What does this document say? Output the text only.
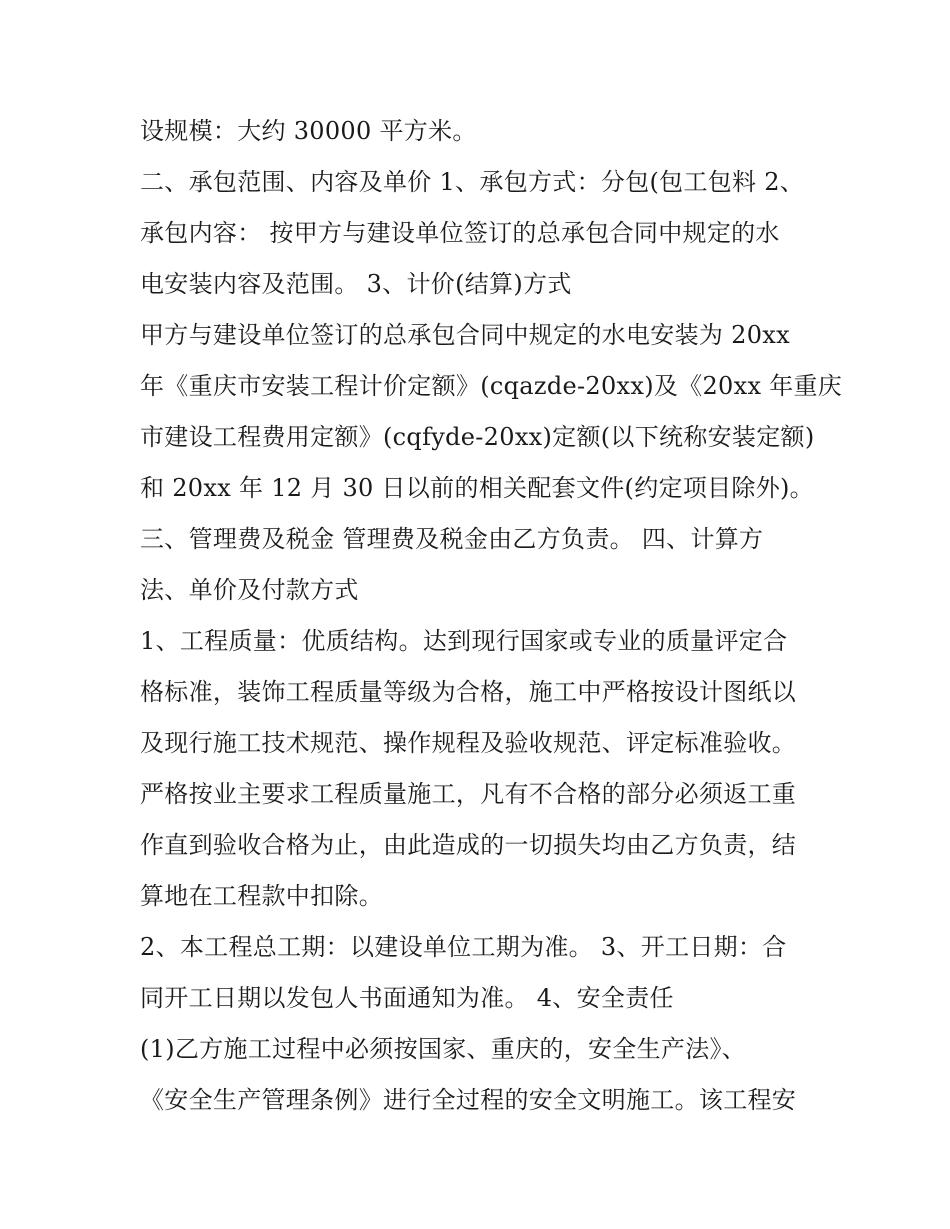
设规模：大约 30000 平方米。
二、承包范围、内容及单价 1、承包方式：分包(包工包料 2、
承包内容： 按甲方与建设单位签订的总承包合同中规定的水
电安装内容及范围。 3、计价(结算)方式
甲方与建设单位签订的总承包合同中规定的水电安装为 20xx
年《重庆市安装工程计价定额》(cqazde-20xx)及《20xx 年重庆
市建设工程费用定额》(cqfyde-20xx)定额(以下统称安装定额)
和 20xx 年 12 月 30 日以前的相关配套文件(约定项目除外)。
三、管理费及税金 管理费及税金由乙方负责。 四、计算方
法、单价及付款方式
1、工程质量：优质结构。达到现行国家或专业的质量评定合
格标准，装饰工程质量等级为合格，施工中严格按设计图纸以
及现行施工技术规范、操作规程及验收规范、评定标准验收。
严格按业主要求工程质量施工，凡有不合格的部分必须返工重
作直到验收合格为止，由此造成的一切损失均由乙方负责，结
算地在工程款中扣除。
2、本工程总工期：以建设单位工期为准。 3、开工日期：合
同开工日期以发包人书面通知为准。 4、安全责任
(1)乙方施工过程中必须按国家、重庆的，安全生产法》、
《安全生产管理条例》进行全过程的安全文明施工。该工程安
